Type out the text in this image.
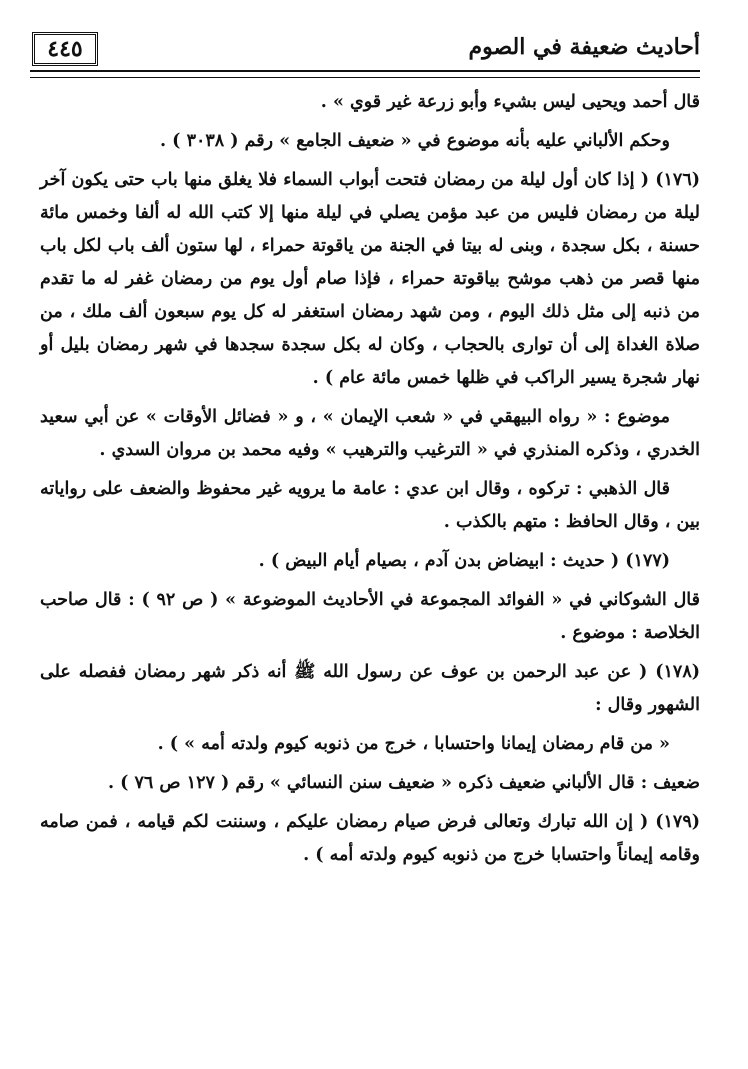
أحاديث ضعيفة في الصوم
٤٤٥

قال أحمد ويحيى ليس بشيء وأبو زرعة غير قوي » .

وحكم الألباني عليه بأنه موضوع في « ضعيف الجامع » رقم ( ٣٠٣٨ ) .

(١٧٦) ( إذا كان أول ليلة من رمضان فتحت أبواب السماء فلا يغلق منها باب حتى يكون آخر ليلة من رمضان فليس من عبد مؤمن يصلي في ليلة منها إلا كتب الله له ألفا وخمس مائة حسنة ، بكل سجدة ، وبنى له بيتا في الجنة من ياقوتة حمراء ، لها ستون ألف باب لكل باب منها قصر من ذهب موشح بياقوتة حمراء ، فإذا صام أول يوم من رمضان غفر له ما تقدم من ذنبه إلى مثل ذلك اليوم ، ومن شهد رمضان استغفر له كل يوم سبعون ألف ملك ، من صلاة الغداة إلى أن توارى بالحجاب ، وكان له بكل سجدة سجدها في شهر رمضان بليل أو نهار شجرة يسير الراكب في ظلها خمس مائة عام ) .

موضوع : « رواه البيهقي في « شعب الإيمان » ، و « فضائل الأوقات » عن أبي سعيد الخدري ، وذكره المنذري في « الترغيب والترهيب » وفيه محمد بن مروان السدي .

قال الذهبي : تركوه ، وقال ابن عدي : عامة ما يرويه غير محفوظ والضعف على رواياته بين ، وقال الحافظ : متهم بالكذب .

(١٧٧) ( حديث : ابيضاض بدن آدم ، بصيام أيام البيض ) .

قال الشوكاني في « الفوائد المجموعة في الأحاديث الموضوعة » ( ص ٩٢ ) : قال صاحب الخلاصة : موضوع .

(١٧٨) ( عن عبد الرحمن بن عوف عن رسول الله ﷺ أنه ذكر شهر رمضان ففصله على الشهور وقال :

« من قام رمضان إيمانا واحتسابا ، خرج من ذنوبه كيوم ولدته أمه » ) .

ضعيف : قال الألباني ضعيف ذكره « ضعيف سنن النسائي » رقم ( ١٢٧ ص ٧٦ ) .

(١٧٩) ( إن الله تبارك وتعالى فرض صيام رمضان عليكم ، وسننت لكم قيامه ، فمن صامه وقامه إيماناً واحتسابا خرج من ذنوبه كيوم ولدته أمه ) .
